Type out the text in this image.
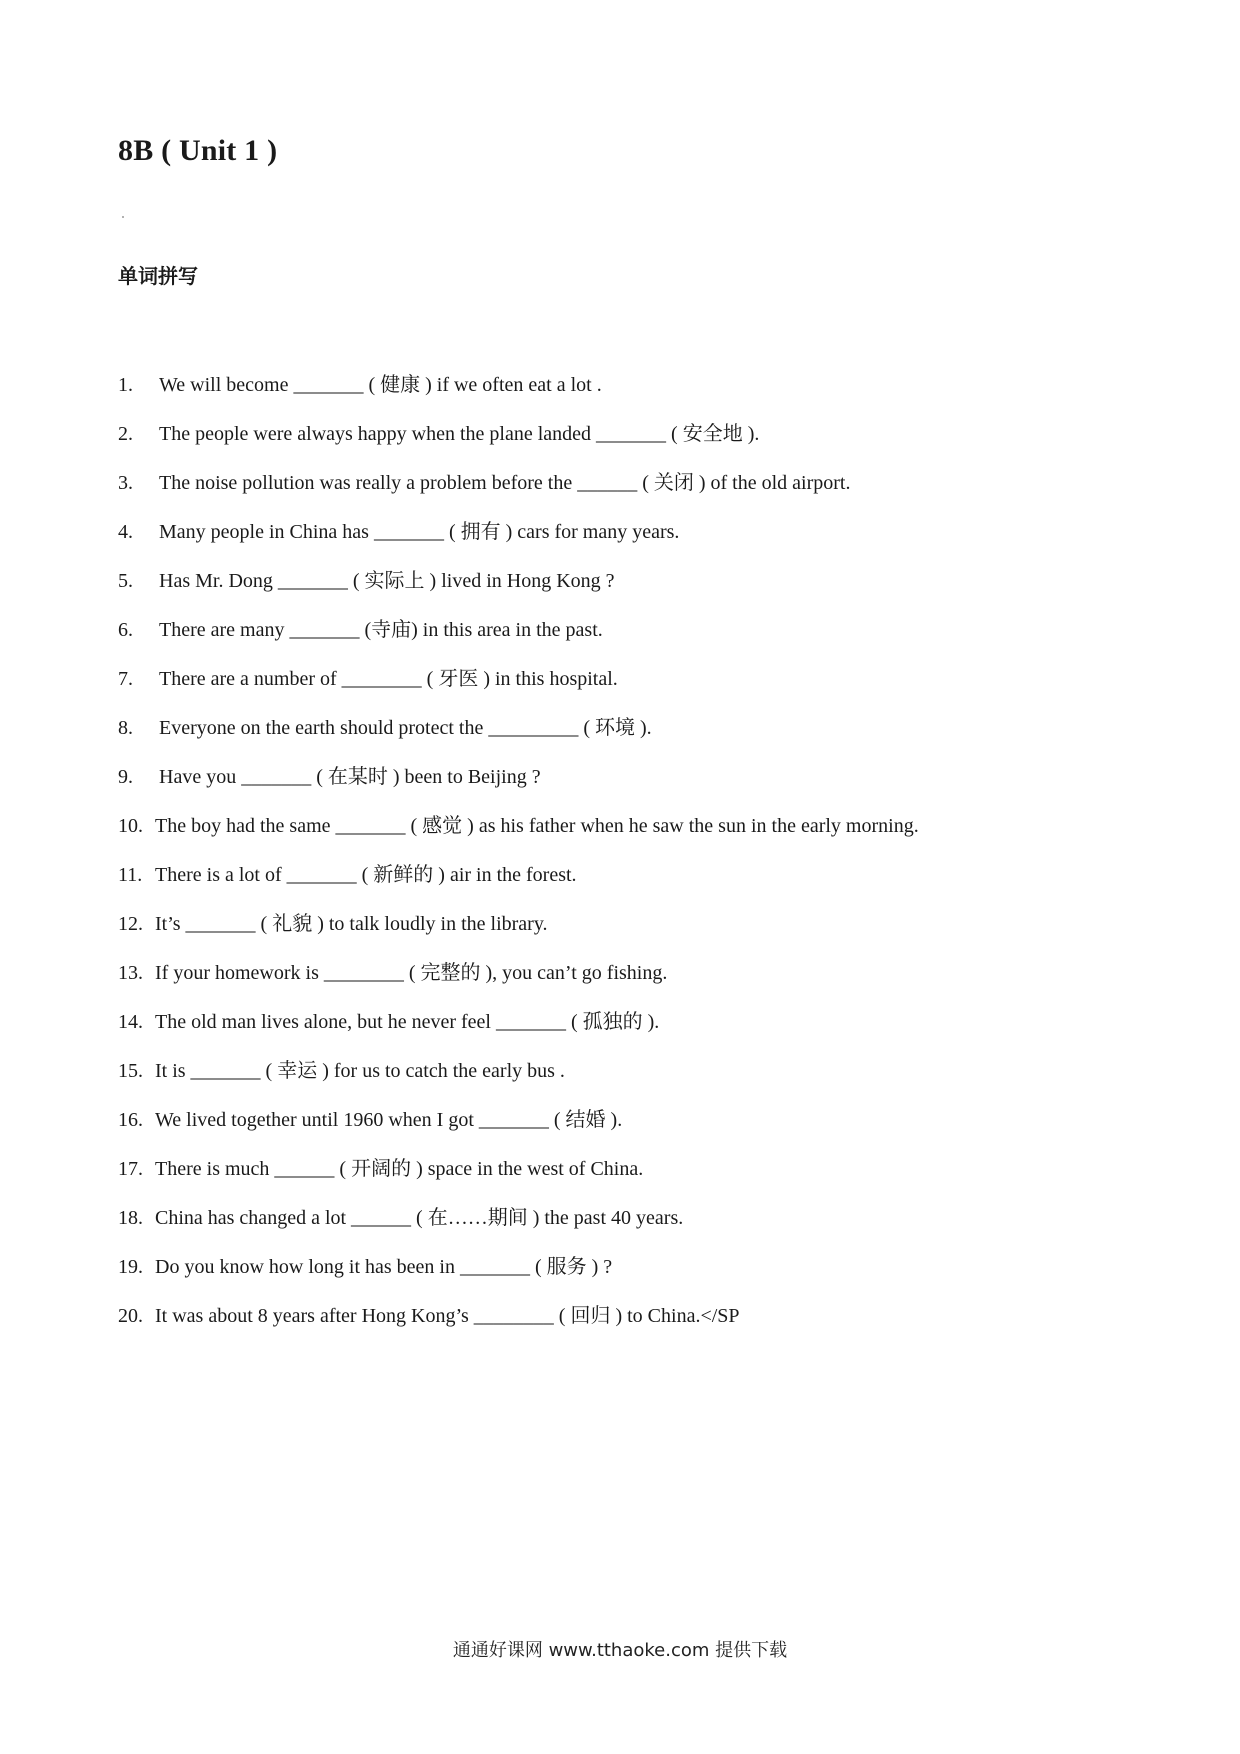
8B ( Unit 1 )
单词拼写
1. We will become _______ ( 健康 ) if we often eat a lot .
2. The people were always happy when the plane landed _______ ( 安全地 ).
3. The noise pollution was really a problem before the ______ ( 关闭 ) of the old airport.
4. Many people in China has _______ ( 拥有 ) cars for many years.
5. Has Mr. Dong _______ ( 实际上 ) lived in Hong Kong ?
6. There are many _______ (寺庙) in this area in the past.
7. There are a number of ________ ( 牙医 ) in this hospital.
8. Everyone on the earth should protect the _________ ( 环境 ).
9. Have you _______ ( 在某时 ) been to Beijing ?
10. The boy had the same _______ ( 感觉 ) as his father when he saw the sun in the early morning.
11. There is a lot of _______ ( 新鲜的 ) air in the forest.
12. It’s _______ ( 礼貌 ) to talk loudly in the library.
13. If your homework is ________ ( 完整的 ), you can’t go fishing.
14. The old man lives alone, but he never feel _______ ( 孤独的 ).
15. It is _______ ( 幸运 ) for us to catch the early bus .
16. We lived together until 1960 when I got _______ ( 结婚 ).
17. There is much ______ ( 开阔的 ) space in the west of China.
18. China has changed a lot ______ ( 在……期间 ) the past 40 years.
19. Do you know how long it has been in _______ ( 服务 ) ?
20. It was about 8 years after Hong Kong’s ________ ( 回归 ) to China.</SP
通通好课网 www.tthaoke.com 提供下载
